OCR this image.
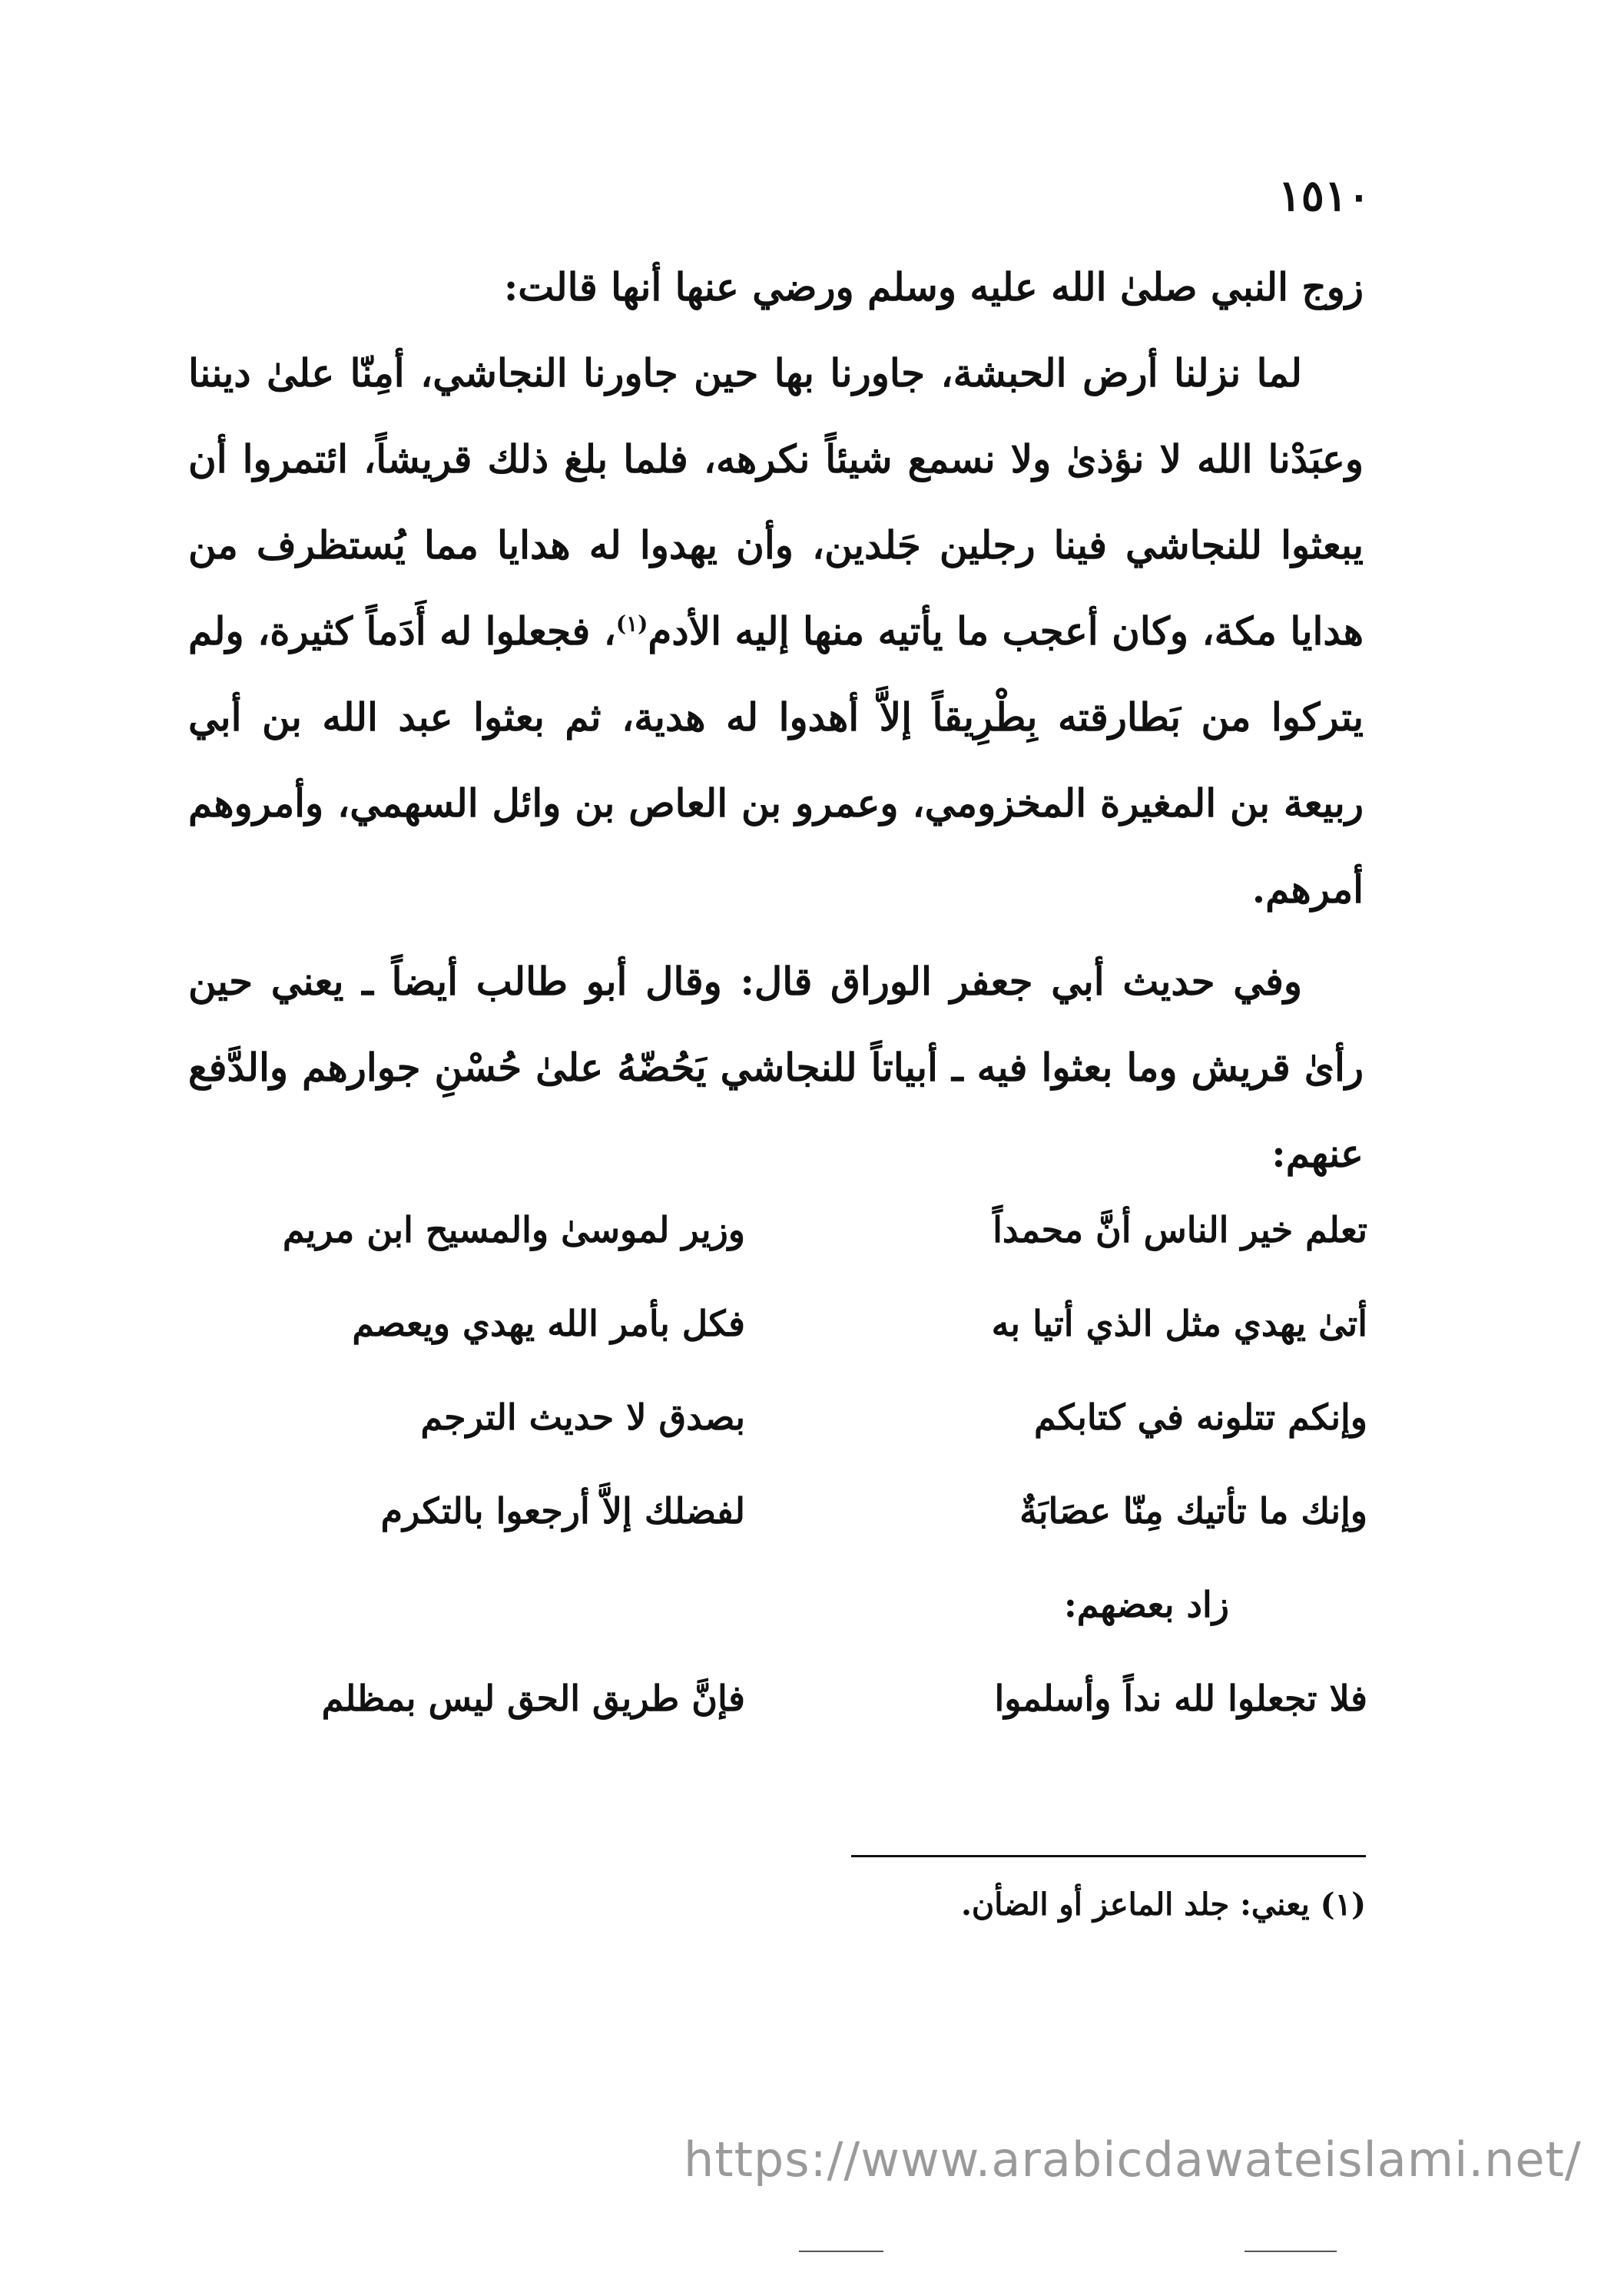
١٥١٠

زوج النبي صلىٰ الله عليه وسلم ورضي عنها أنها قالت:

لما نزلنا أرض الحبشة، جاورنا بها حين جاورنا النجاشي، أمِنّا علىٰ ديننا وعبَدْنا الله لا نؤذىٰ ولا نسمع شيئاً نكرهه، فلما بلغ ذلك قريشاً، ائتمروا أن يبعثوا للنجاشي فينا رجلين جَلدين، وأن يهدوا له هدايا مما يُستظرف من هدايا مكة، وكان أعجب ما يأتيه منها إليه الأدم$^{(١)}$، فجعلوا له أَدَماً كثيرة، ولم يتركوا من بَطارقته بِطْرِيقاً إلاَّ أهدوا له هدية، ثم بعثوا عبد الله بن أبي ربيعة بن المغيرة المخزومي، وعمرو بن العاص بن وائل السهمي، وأمروهم أمرهم.

وفي حديث أبي جعفر الوراق قال: وقال أبو طالب أيضاً ـ يعني حين رأىٰ قريش وما بعثوا فيه ـ أبياتاً للنجاشي يَحُضّهُ علىٰ حُسْنِ جوارهم والدَّفع عنهم:

تعلم خير الناس أنَّ محمداً
وزير لموسىٰ والمسيح ابن مريم
أتىٰ يهدي مثل الذي أتيا به
فكل بأمر الله يهدي ويعصم
وإنكم تتلونه في كتابكم
بصدق لا حديث الترجم
وإنك ما تأتيك مِنّا عصَابَةٌ
لفضلك إلاَّ أرجعوا بالتكرم
زاد بعضهم:
فلا تجعلوا لله نداً وأسلموا
فإنَّ طريق الحق ليس بمظلم
(١) يعني: جلد الماعز أو الضأن.
https://www.arabicdawateislami.net/
